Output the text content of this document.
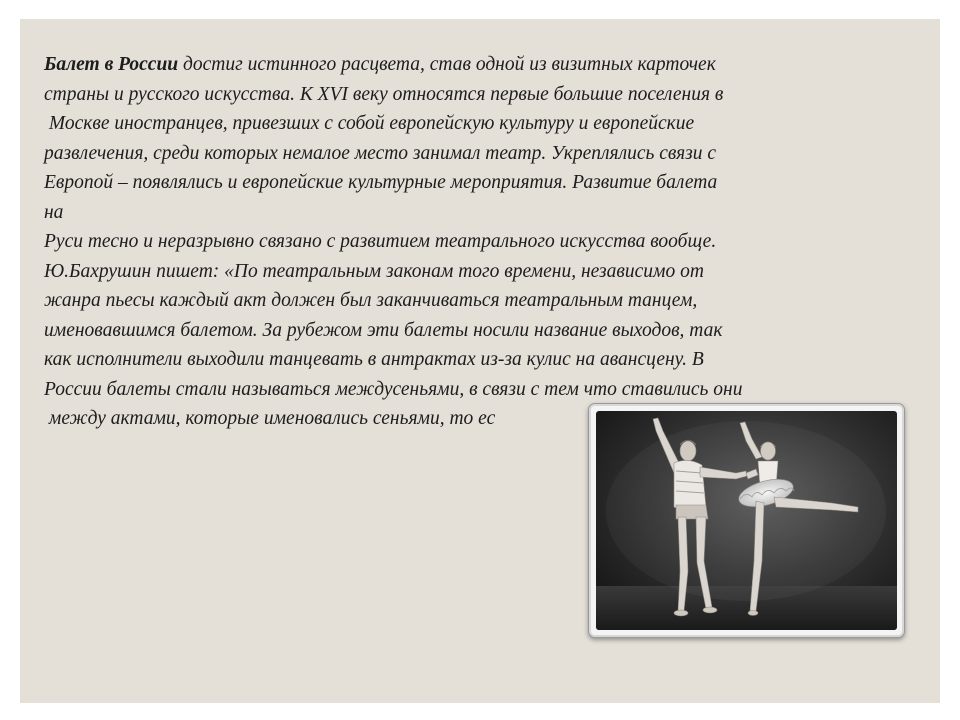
Балет в России достиг истинного расцвета, став одной из визитных карточек
страны и русского искусства. К XVI веку относятся первые большие поселения в
Москве иностранцев, привезших с собой европейскую культуру и европейские
развлечения, среди которых немалое место занимал театр. Укреплялись связи с
Европой – появлялись и европейские культурные мероприятия. Развитие балета
на
Руси тесно и неразрывно связано с развитием театрального искусства вообще.
Ю.Бахрушин пишет: «По театральным законам того времени, независимо от
жанра пьесы каждый акт должен был заканчиваться театральным танцем,
именовавшимся балетом. За рубежом эти балеты носили название выходов, так
как исполнители выходили танцевать в антрактах из-за кулис на авансцену. В
России балеты стали называться междусеньями, в связи с тем что ставились они
между актами, которые именовались сеньями, то ес
